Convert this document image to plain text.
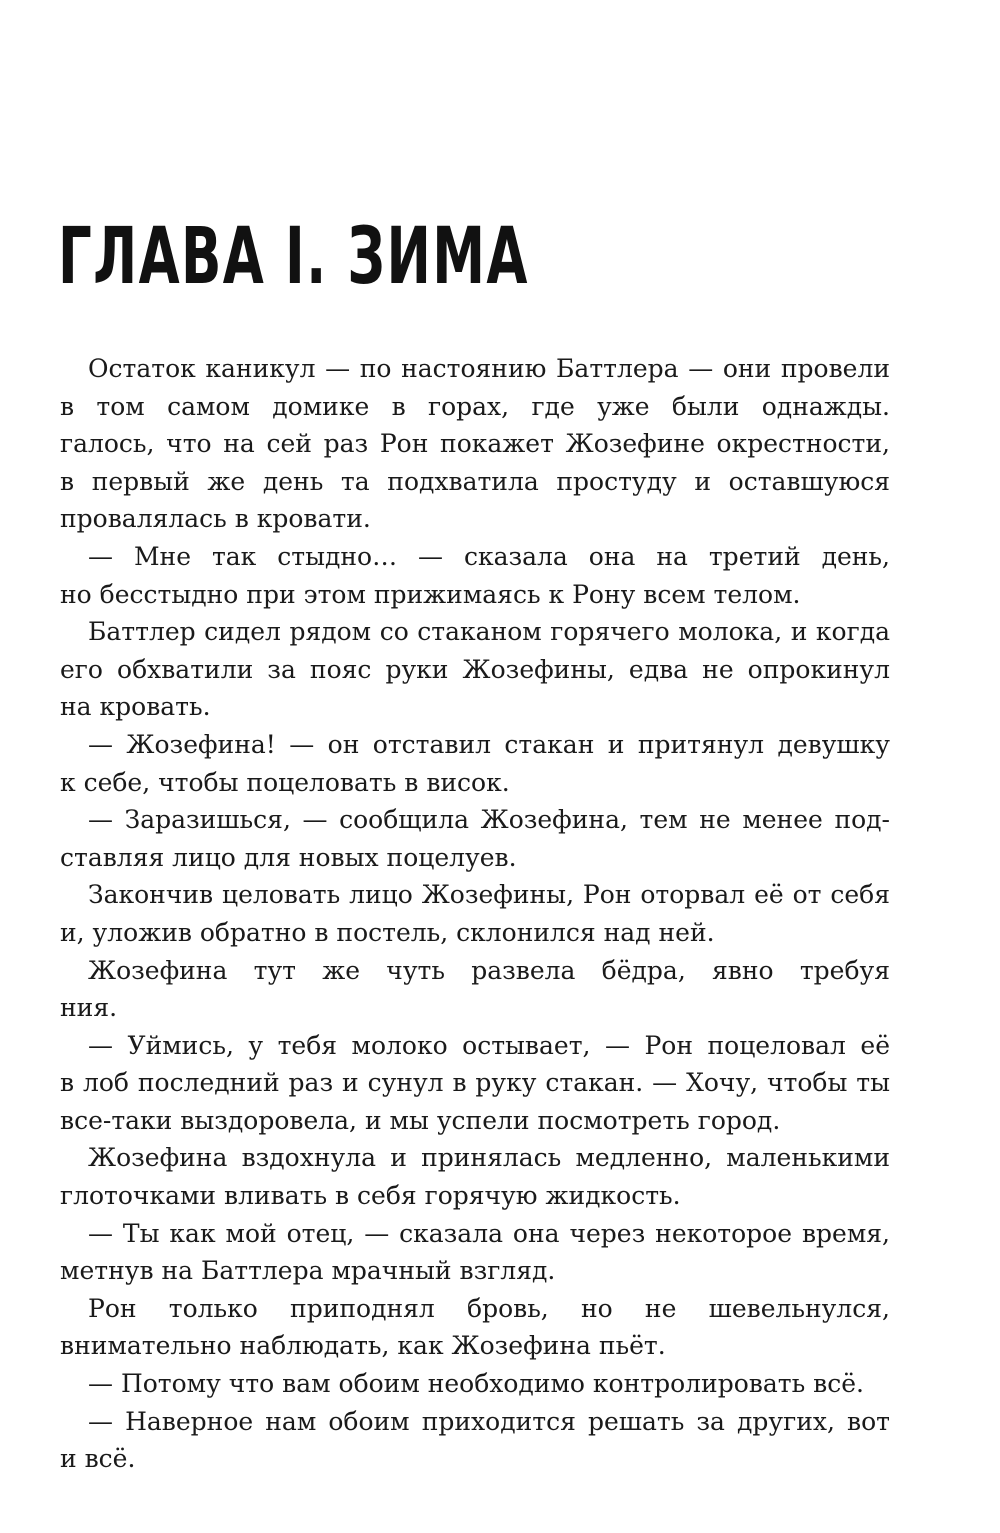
ГЛАВА I. ЗИМА
Остаток каникул — по настоянию Баттлера — они провели
в том самом домике в горах, где уже были однажды.
галось, что на сей раз Рон покажет Жозефине окрестности,
в первый же день та подхватила простуду и оставшуюся
провалялась в кровати.
— Мне так стыдно… — сказала она на третий день,
но бесстыдно при этом прижимаясь к Рону всем телом.
Баттлер сидел рядом со стаканом горячего молока, и когда
его обхватили за пояс руки Жозефины, едва не опрокинул
на кровать.
— Жозефина! — он отставил стакан и притянул девушку
к себе, чтобы поцеловать в висок.
— Заразишься, — сообщила Жозефина, тем не менее под-
ставляя лицо для новых поцелуев.
Закончив целовать лицо Жозефины, Рон оторвал её от себя
и, уложив обратно в постель, склонился над ней.
Жозефина тут же чуть развела бёдра, явно требуя
ния.
— Уймись, у тебя молоко остывает, — Рон поцеловал её
в лоб последний раз и сунул в руку стакан. — Хочу, чтобы ты
все-таки выздоровела, и мы успели посмотреть город.
Жозефина вздохнула и принялась медленно, маленькими
глоточками вливать в себя горячую жидкость.
— Ты как мой отец, — сказала она через некоторое время,
метнув на Баттлера мрачный взгляд.
Рон только приподнял бровь, но не шевельнулся,
внимательно наблюдать, как Жозефина пьёт.
— Потому что вам обоим необходимо контролировать всё.
— Наверное нам обоим приходится решать за других, вот
и всё.
